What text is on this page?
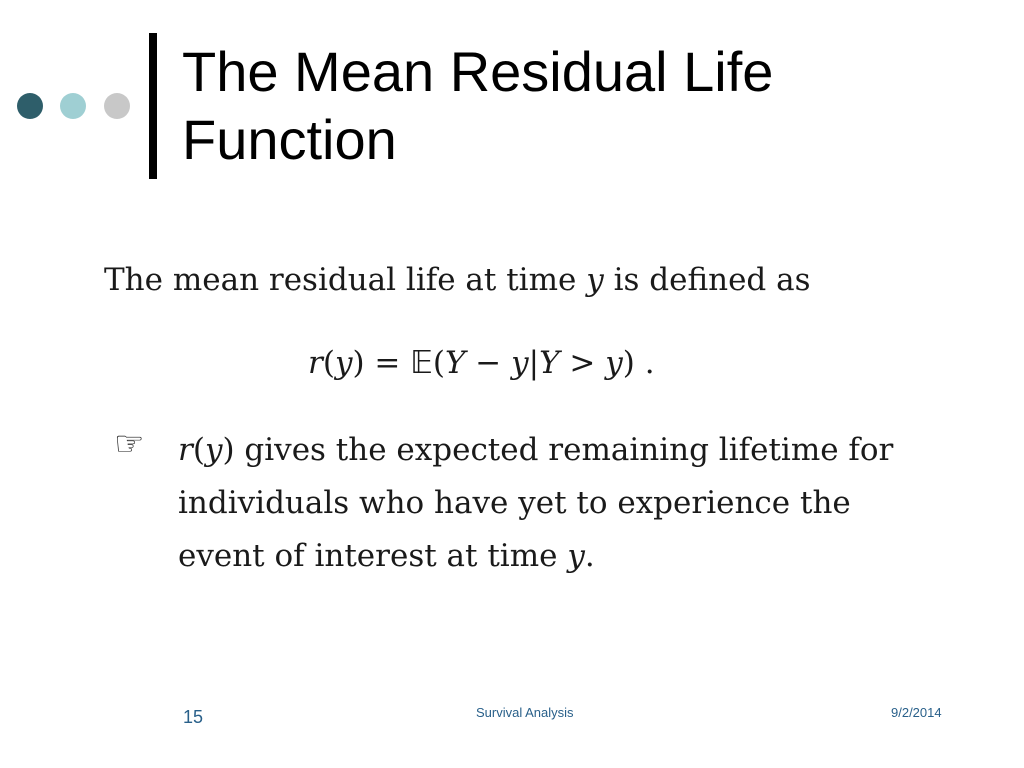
The Mean Residual Life
Function
The mean residual life at time y is defined as
r(y) = 𝔼(Y − y|Y > y) .
☞ r(y) gives the expected remaining lifetime for
individuals who have yet to experience the
event of interest at time y.
15	Survival Analysis	9/2/2014
